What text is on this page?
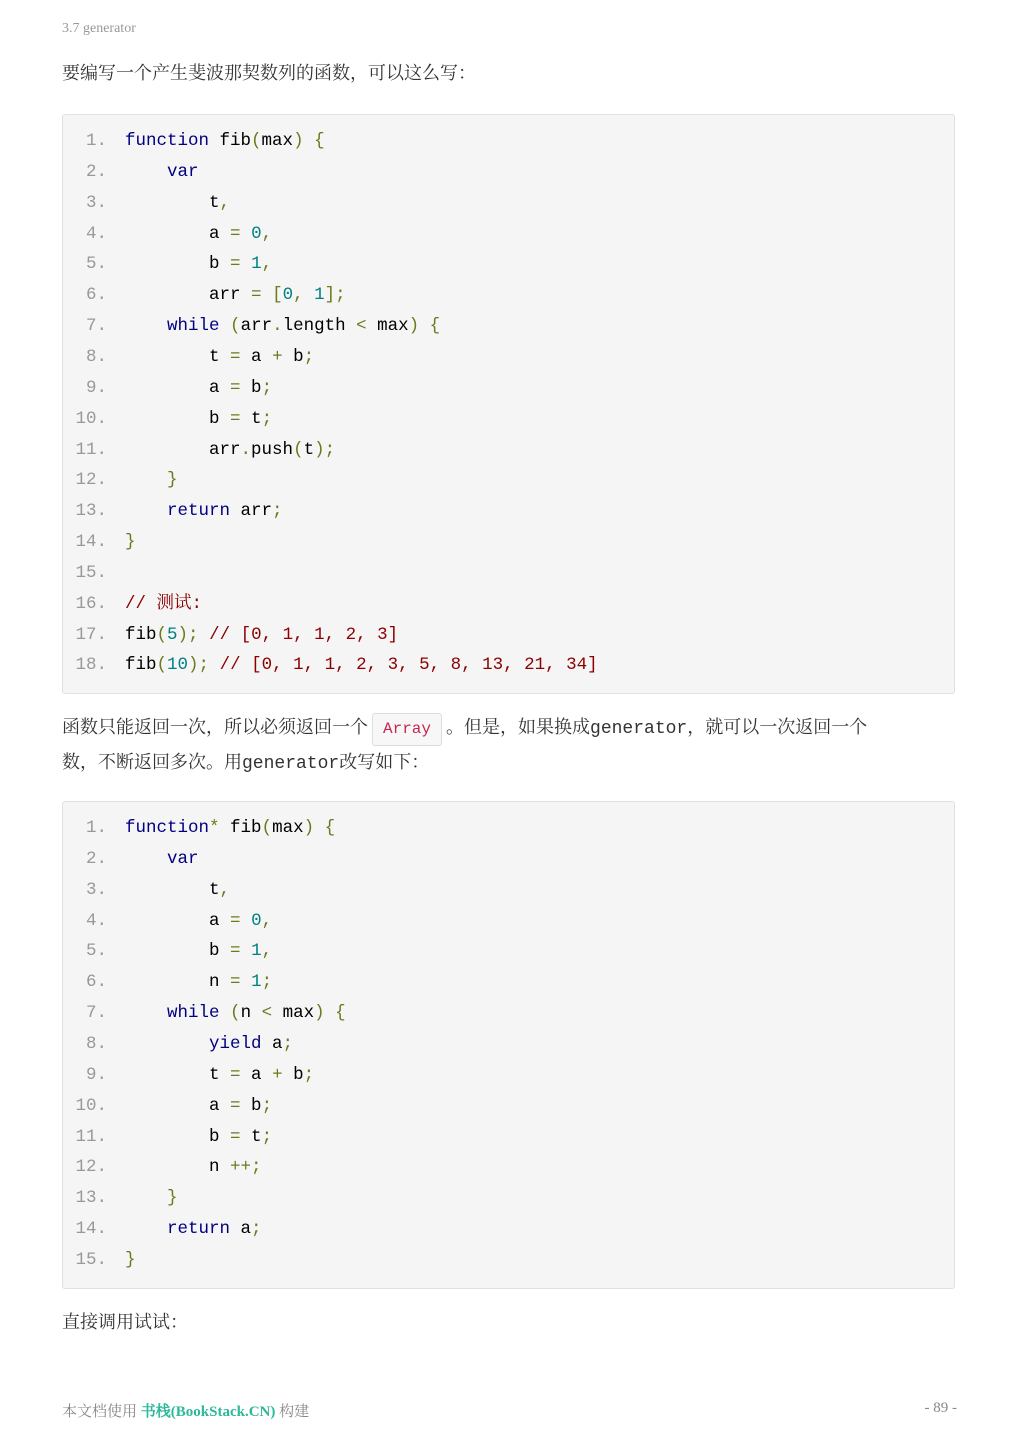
3.7 generator
要编写一个产生斐波那契数列的函数，可以这么写：
1. function fib(max) {
2.	var
3. t,
4. a = 0,
5. b = 1,
6. arr = [0, 1];
7.	while (arr.length < max) {
8. t = a + b;
9. a = b;
10. b = t;
11. arr.push(t);
12.	}
13.	return arr;
14. }
15.
16. // 测试:
17. fib(5); // [0, 1, 1, 2, 3]
18. fib(10); // [0, 1, 1, 2, 3, 5, 8, 13, 21, 34]
函数只能返回一次，所以必须返回一个 Array 。但是，如果换成generator，就可以一次返回一个
数，不断返回多次。用generator改写如下：
1. function* fib(max) {
2.	var
3. t,
4. a = 0,
5. b = 1,
6. n = 1;
7.	while (n < max) {
8.	yield a;
9. t = a + b;
10. a = b;
11. b = t;
12. n ++;
13.	}
14.	return a;
15. }
直接调用试试：
本文档使用 书栈(BookStack.CN) 构建	- 89 -
